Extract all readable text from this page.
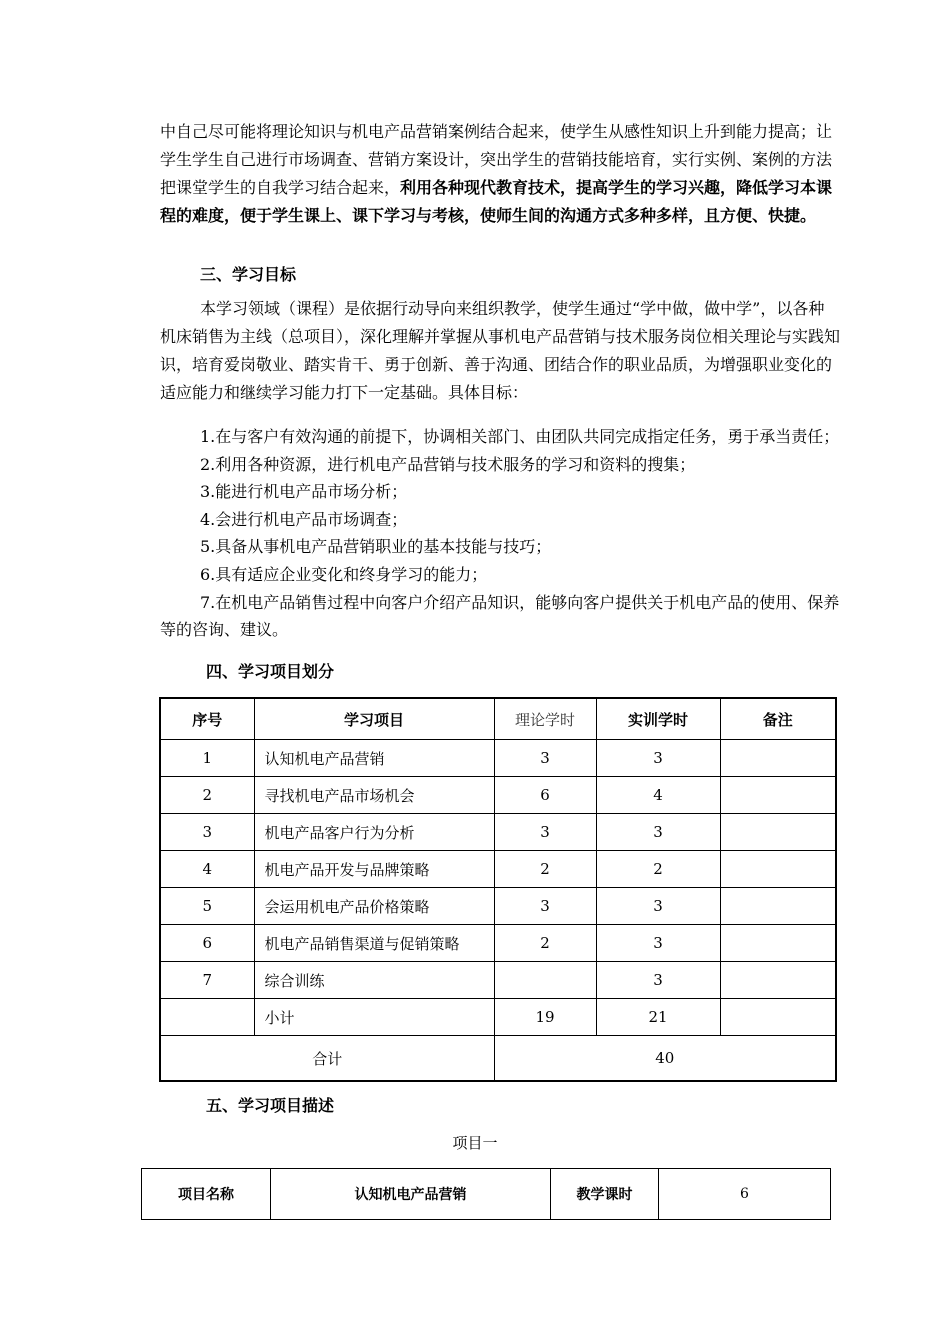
中自己尽可能将理论知识与机电产品营销案例结合起来，使学生从感性知识上升到能力提高；让学生学生自己进行市场调查、营销方案设计，突出学生的营销技能培育，实行实例、案例的方法把课堂学生的自我学习结合起来，利用各种现代教育技术，提高学生的学习兴趣，降低学习本课程的难度，便于学生课上、课下学习与考核，使师生间的沟通方式多种多样，且方便、快捷。

三、学习目标

本学习领域（课程）是依据行动导向来组织教学，使学生通过“学中做，做中学”，以各种机床销售为主线（总项目），深化理解并掌握从事机电产品营销与技术服务岗位相关理论与实践知识，培育爱岗敬业、踏实肯干、勇于创新、善于沟通、团结合作的职业品质，为增强职业变化的适应能力和继续学习能力打下一定基础。具体目标：

1.在与客户有效沟通的前提下，协调相关部门、由团队共同完成指定任务，勇于承当责任；
2.利用各种资源，进行机电产品营销与技术服务的学习和资料的搜集；
3.能进行机电产品市场分析；
4.会进行机电产品市场调查；
5.具备从事机电产品营销职业的基本技能与技巧；
6.具有适应企业变化和终身学习的能力；
7.在机电产品销售过程中向客户介绍产品知识，能够向客户提供关于机电产品的使用、保养等的咨询、建议。
四、学习项目划分
序号	学习项目	理论学时	实训学时	备注
1	认知机电产品营销	3	3	
2	寻找机电产品市场机会	6	4	
3	机电产品客户行为分析	3	3	
4	机电产品开发与品牌策略	2	2	
5	会运用机电产品价格策略	3	3	
6	机电产品销售渠道与促销策略	2	3	
7	综合训练		3	
	小计	19	21	
合计		40		
五、学习项目描述

项目一

项目名称	认知机电产品营销	教学课时	6
